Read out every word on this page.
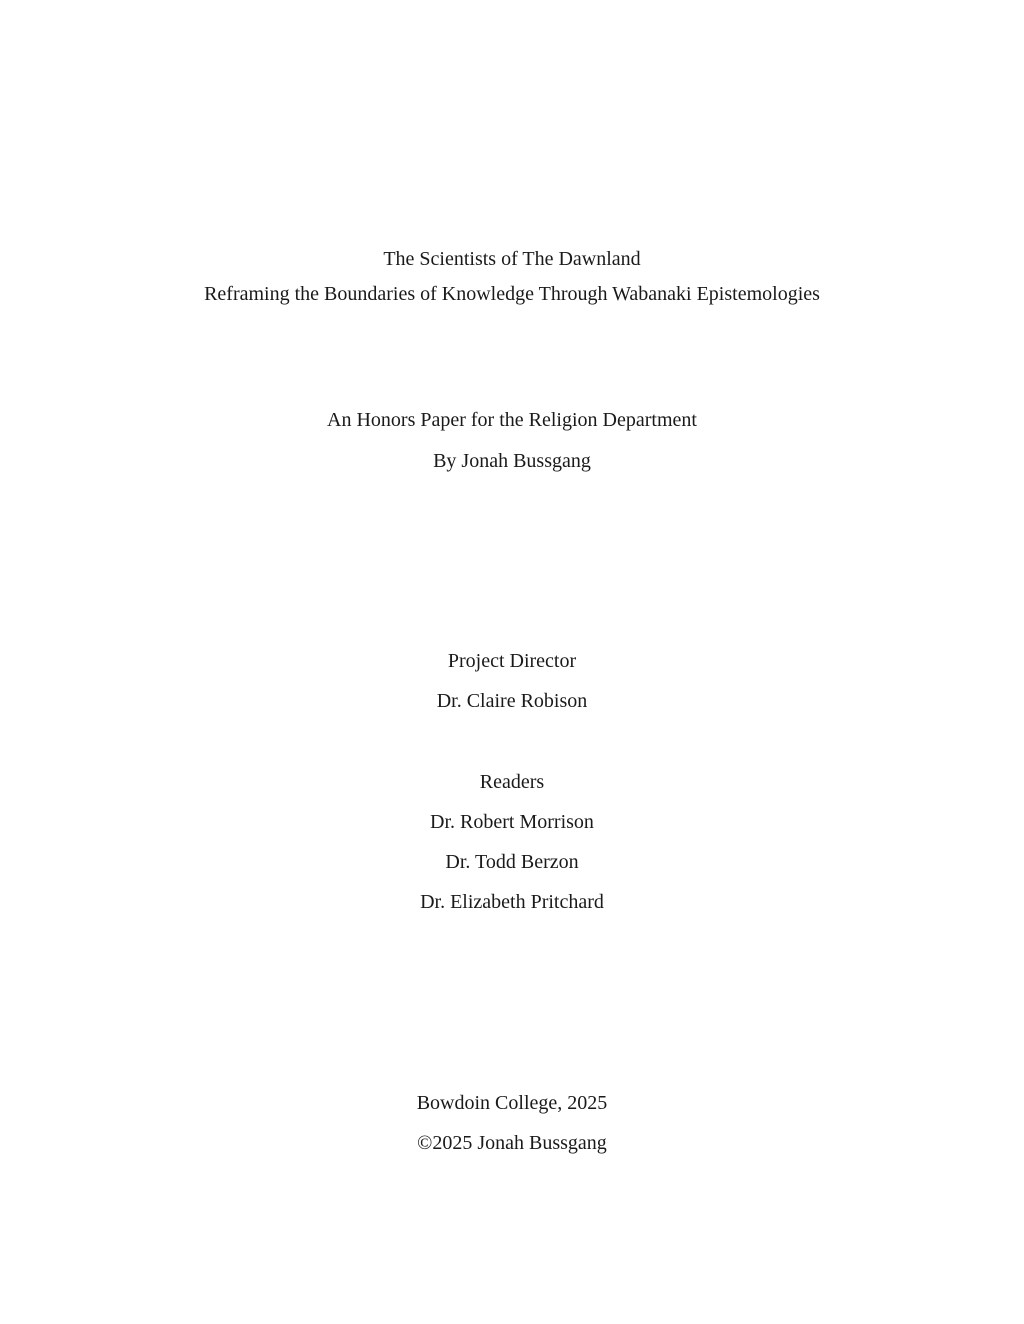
The Scientists of The Dawnland
Reframing the Boundaries of Knowledge Through Wabanaki Epistemologies
An Honors Paper for the Religion Department
By Jonah Bussgang
Project Director
Dr. Claire Robison
Readers
Dr. Robert Morrison
Dr. Todd Berzon
Dr. Elizabeth Pritchard
Bowdoin College, 2025
©2025 Jonah Bussgang
